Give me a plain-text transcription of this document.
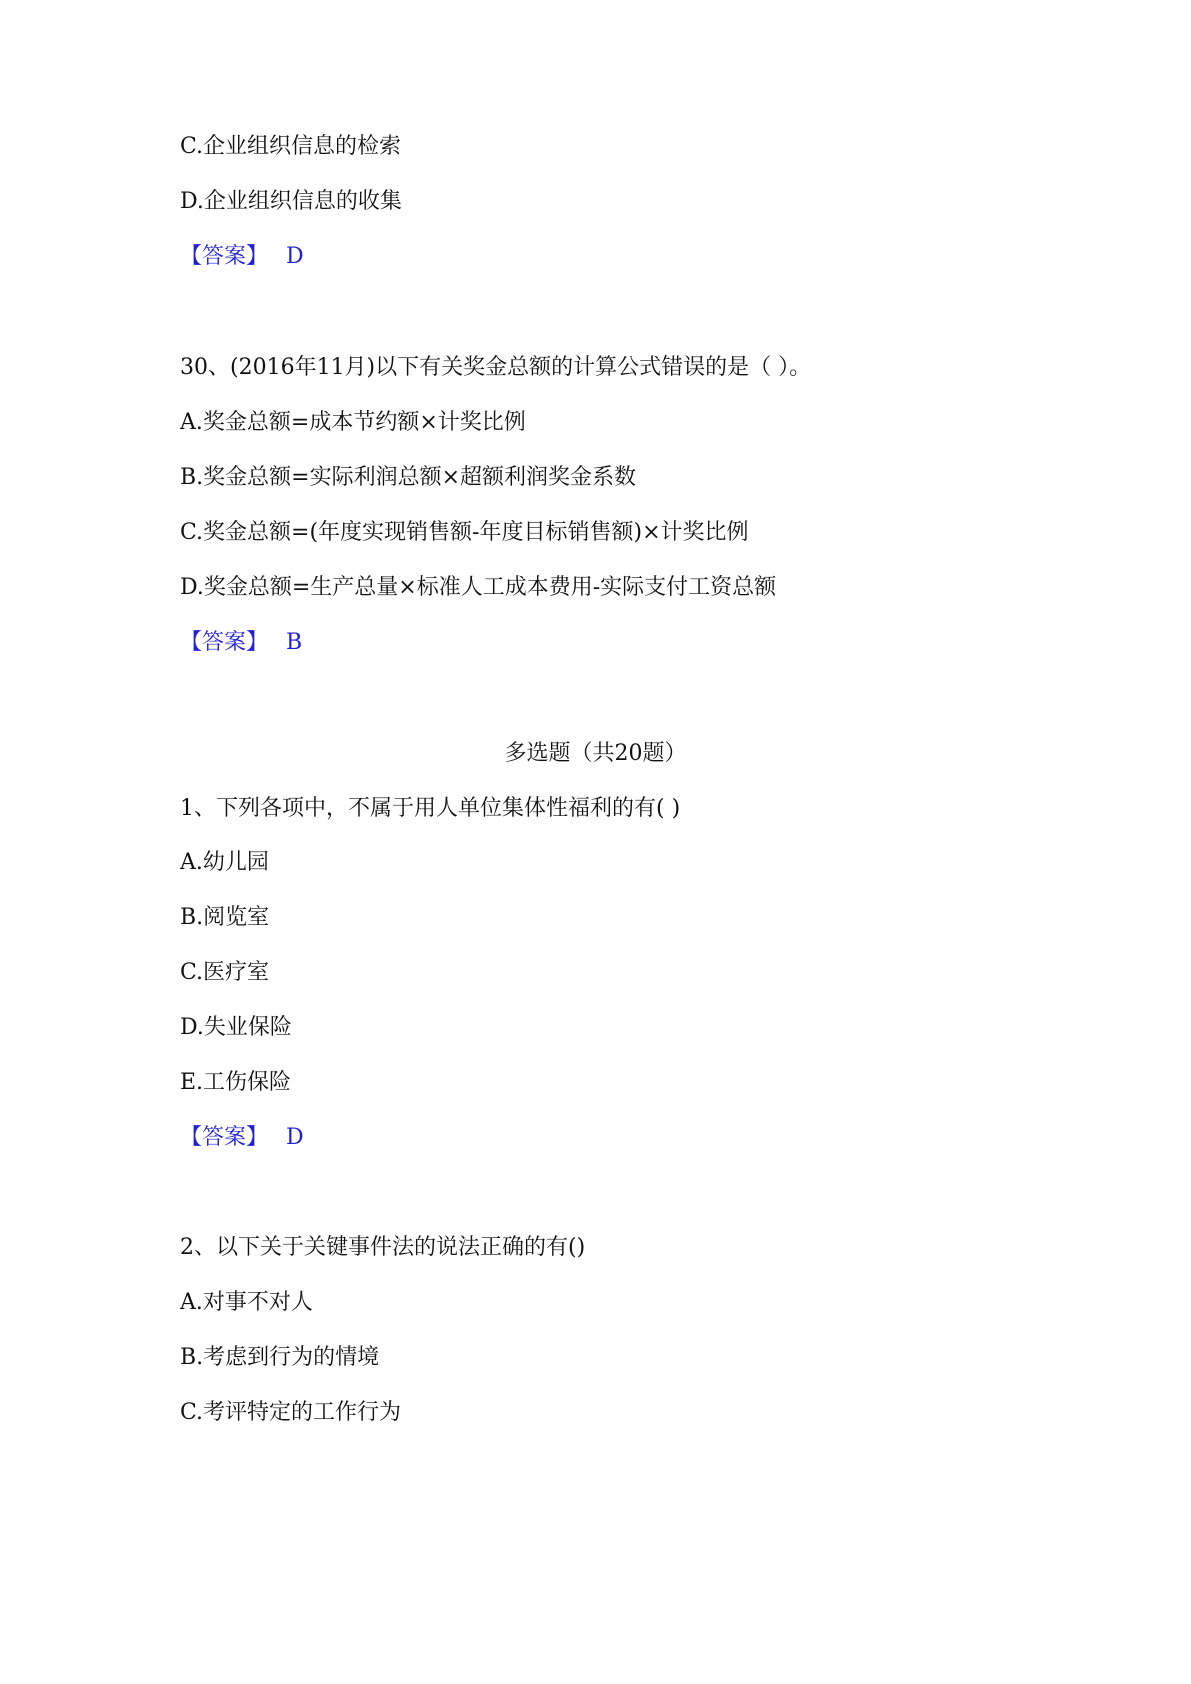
C.企业组织信息的检索
D.企业组织信息的收集
【答案】 D
30、(2016年11月)以下有关奖金总额的计算公式错误的是（ ）。
A.奖金总额=成本节约额×计奖比例
B.奖金总额=实际利润总额×超额利润奖金系数
C.奖金总额=(年度实现销售额-年度目标销售额)×计奖比例
D.奖金总额=生产总量×标准人工成本费用-实际支付工资总额
【答案】 B
多选题（共20题）
1、下列各项中，不属于用人单位集体性福利的有( )
A.幼儿园
B.阅览室
C.医疗室
D.失业保险
E.工伤保险
【答案】 D
2、以下关于关键事件法的说法正确的有()
A.对事不对人
B.考虑到行为的情境
C.考评特定的工作行为
